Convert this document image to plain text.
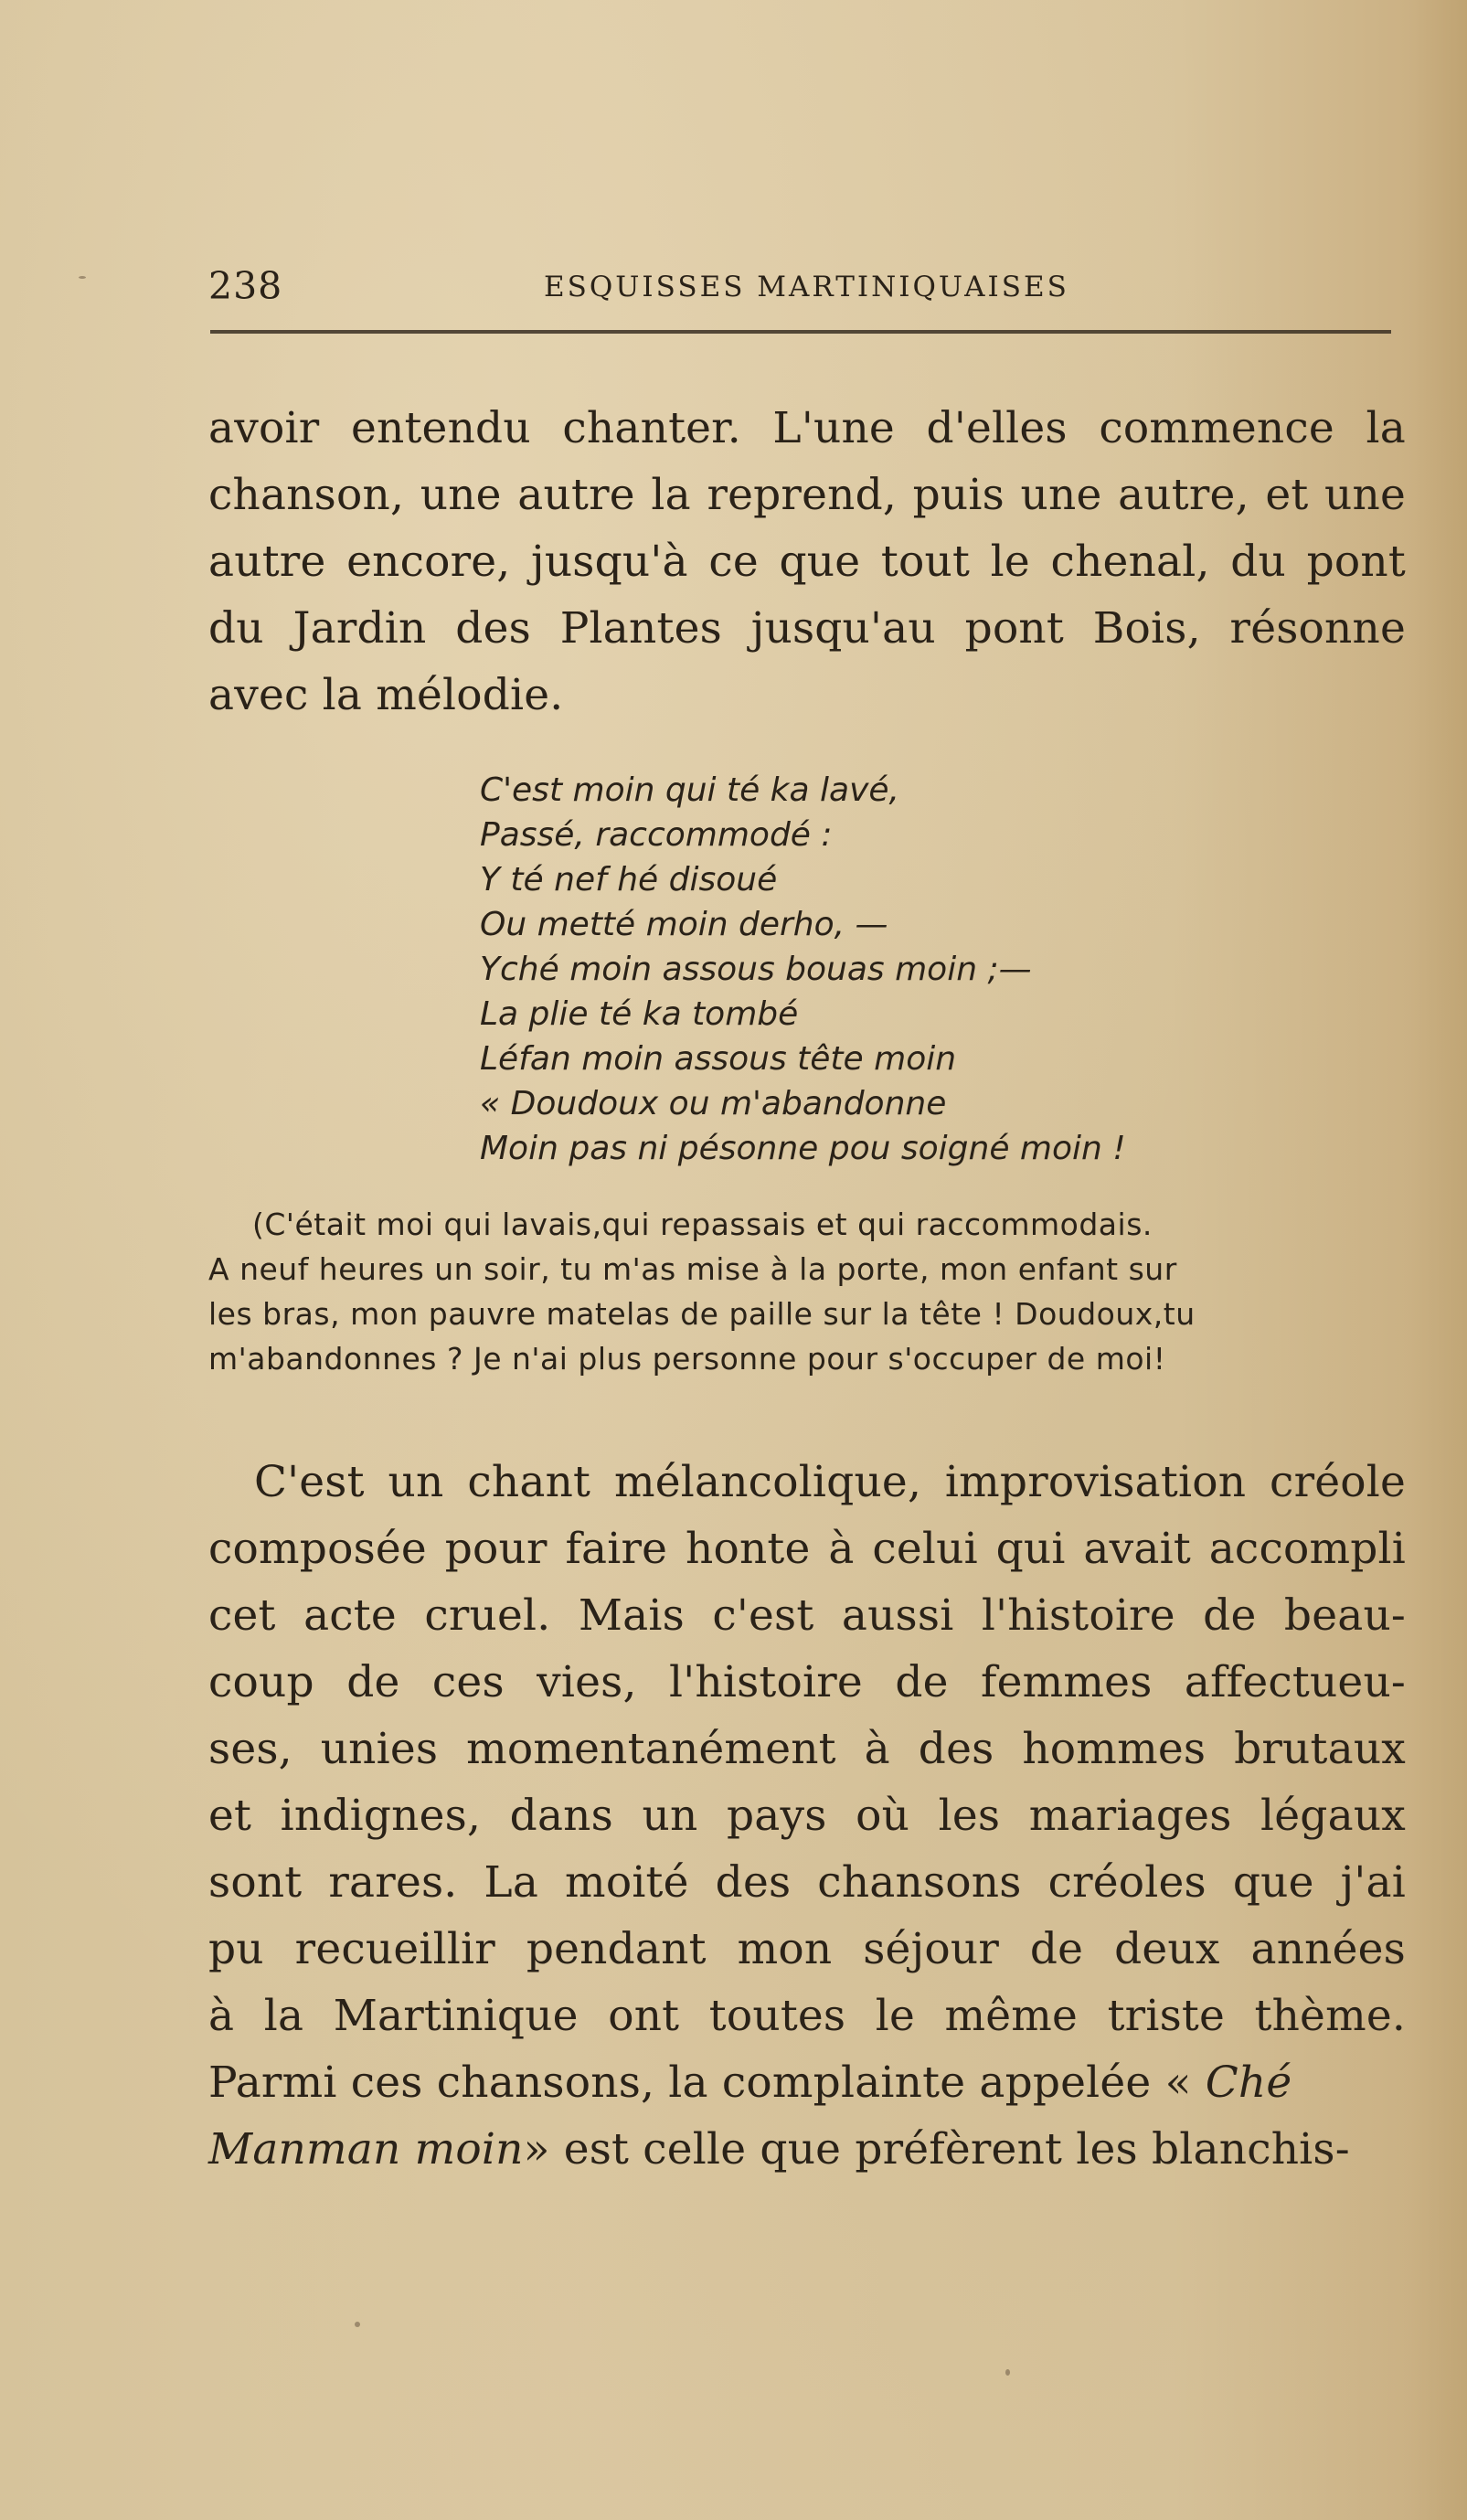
238	ESQUISSES MARTINIQUAISES
avoir entendu chanter. L'une d'elles commence la
chanson, une autre la reprend, puis une autre, et une
autre encore, jusqu'à ce que tout le chenal, du pont
du Jardin des Plantes jusqu'au pont Bois, résonne
avec la mélodie.
C'est moin qui té ka lavé,
Passé, raccommodé :
Y té nef hé disoué
Ou metté moin derho, —
Yché moin assous bouas moin ;—
La plie té ka tombé
Léfan moin assous tête moin
« Doudoux ou m'abandonne
Moin pas ni pésonne pou soigné moin !
(C'était moi qui lavais,qui repassais et qui raccommodais.
A neuf heures un soir, tu m'as mise à la porte, mon enfant sur
les bras, mon pauvre matelas de paille sur la tête ! Doudoux,tu
m'abandonnes ? Je n'ai plus personne pour s'occuper de moi!
C'est un chant mélancolique, improvisation créole
composée pour faire honte à celui qui avait accompli
cet acte cruel. Mais c'est aussi l'histoire de beau-
coup de ces vies, l'histoire de femmes affectueu-
ses, unies momentanément à des hommes brutaux
et indignes, dans un pays où les mariages légaux
sont rares. La moité des chansons créoles que j'ai
pu recueillir pendant mon séjour de deux années
à la Martinique ont toutes le même triste thème.
Parmi ces chansons, la complainte appelée « Ché
Manman moin» est celle que préfèrent les blanchis-
